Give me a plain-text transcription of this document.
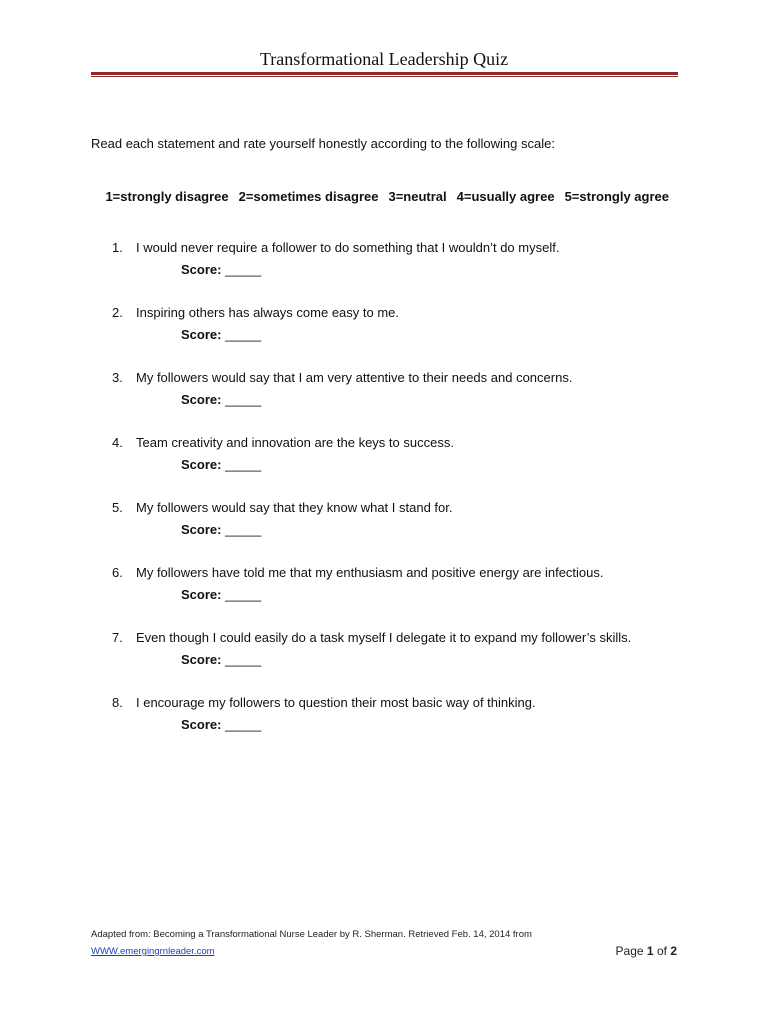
Transformational Leadership Quiz
Read each statement and rate yourself honestly according to the following scale:

1=strongly disagree 2=sometimes disagree 3=neutral 4=usually agree 5=strongly agree

1. I would never require a follower to do something that I wouldn’t do myself.
Score: _____
2. Inspiring others has always come easy to me.
Score: _____
3. My followers would say that I am very attentive to their needs and concerns.
Score: _____
4. Team creativity and innovation are the keys to success.
Score: _____
5. My followers would say that they know what I stand for.
Score: _____
6. My followers have told me that my enthusiasm and positive energy are infectious.
Score: _____
7. Even though I could easily do a task myself I delegate it to expand my follower’s skills.
Score: _____
8. I encourage my followers to question their most basic way of thinking.
Score: _____
Adapted from: Becoming a Transformational Nurse Leader by R. Sherman. Retrieved Feb. 14, 2014 from
WWW.emergingrnleader.com	Page 1 of 2
